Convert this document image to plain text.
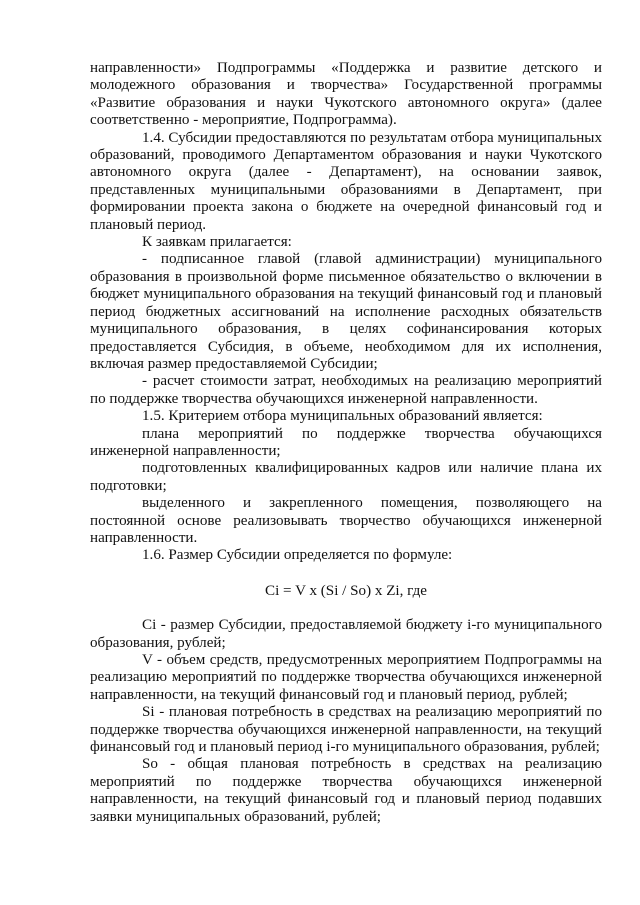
направленности» Подпрограммы «Поддержка и развитие детского и молодежного образования и творчества» Государственной программы «Развитие образования и науки Чукотского автономного округа» (далее соответственно - мероприятие, Подпрограмма).

1.4. Субсидии предоставляются по результатам отбора муниципальных образований, проводимого Департаментом образования и науки Чукотского автономного округа (далее - Департамент), на основании заявок, представленных муниципальными образованиями в Департамент, при формировании проекта закона о бюджете на очередной финансовый год и плановый период.

К заявкам прилагается:

- подписанное главой (главой администрации) муниципального образования в произвольной форме письменное обязательство о включении в бюджет муниципального образования на текущий финансовый год и плановый период бюджетных ассигнований на исполнение расходных обязательств муниципального образования, в целях софинансирования которых предоставляется Субсидия, в объеме, необходимом для их исполнения, включая размер предоставляемой Субсидии;

- расчет стоимости затрат, необходимых на реализацию мероприятий по поддержке творчества обучающихся инженерной направленности.

1.5. Критерием отбора муниципальных образований является:

плана мероприятий по поддержке творчества обучающихся инженерной направленности;

подготовленных квалифицированных кадров или наличие плана их подготовки;

выделенного и закрепленного помещения, позволяющего на постоянной основе реализовывать творчество обучающихся инженерной направленности.

1.6. Размер Субсидии определяется по формуле:

Ci = V x (Si / So) x Zi, где

Ci - размер Субсидии, предоставляемой бюджету i-го муниципального образования, рублей;

V - объем средств, предусмотренных мероприятием Подпрограммы на реализацию мероприятий по поддержке творчества обучающихся инженерной направленности, на текущий финансовый год и плановый период, рублей;

Si - плановая потребность в средствах на реализацию мероприятий по поддержке творчества обучающихся инженерной направленности, на текущий финансовый год и плановый период i-го муниципального образования, рублей;

So - общая плановая потребность в средствах на реализацию мероприятий по поддержке творчества обучающихся инженерной направленности, на текущий финансовый год и плановый период подавших заявки муниципальных образований, рублей;
